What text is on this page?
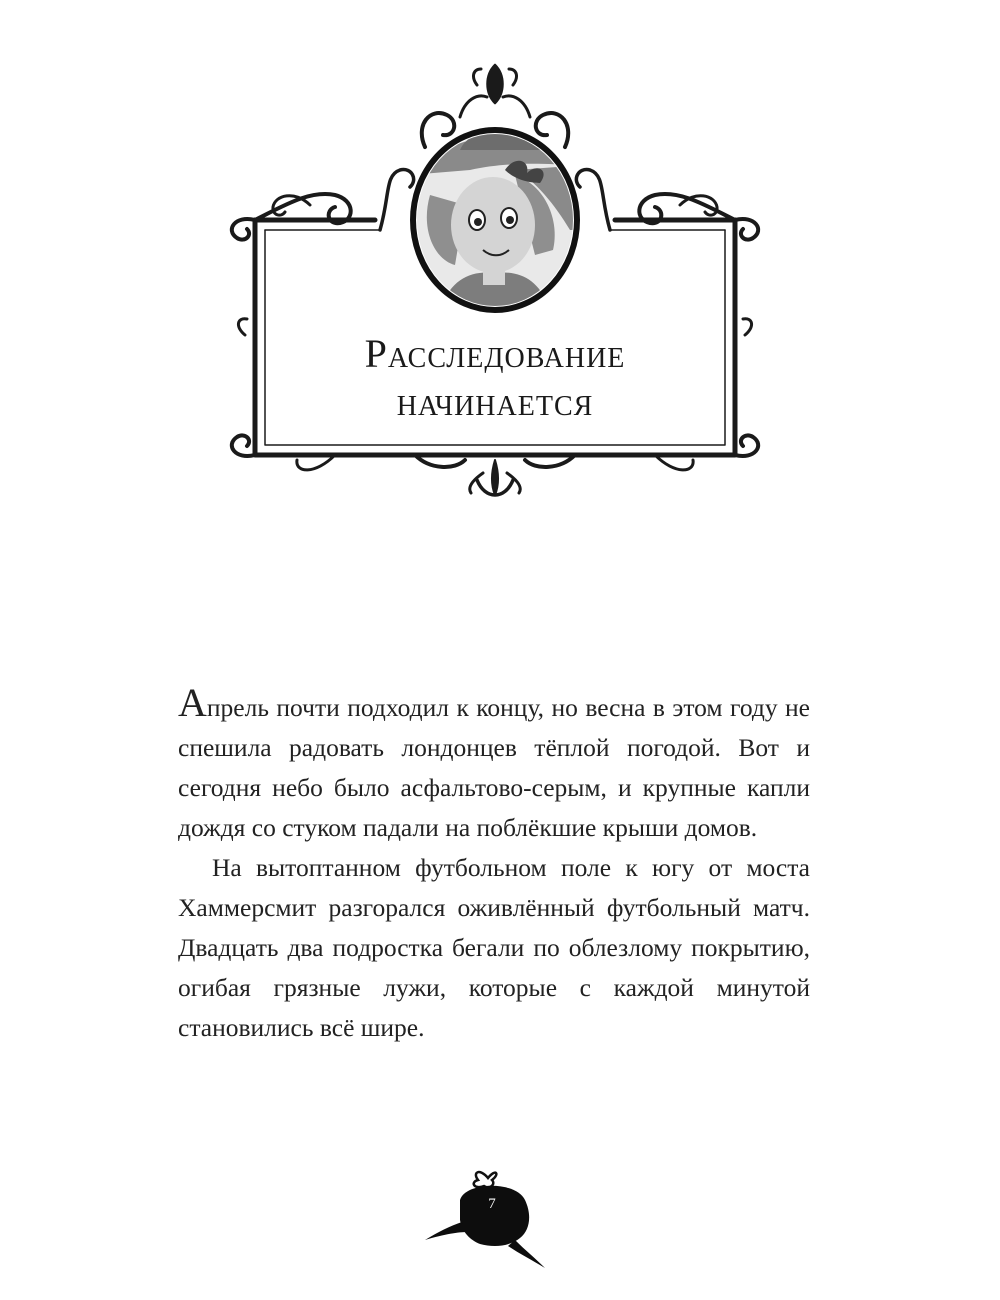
Расследование
начинается

Апрель почти подходил к концу, но весна в этом году не спешила радовать лондонцев тёплой погодой. Вот и сегодня небо было асфальтово-серым, и крупные капли дождя со стуком падали на поблёкшие крыши домов.

На вытоптанном футбольном поле к югу от моста Хаммерсмит разгорался оживлённый футбольный матч. Двадцать два подростка бегали по облезлому покрытию, огибая грязные лужи, которые с каждой минутой становились всё шире.

7
